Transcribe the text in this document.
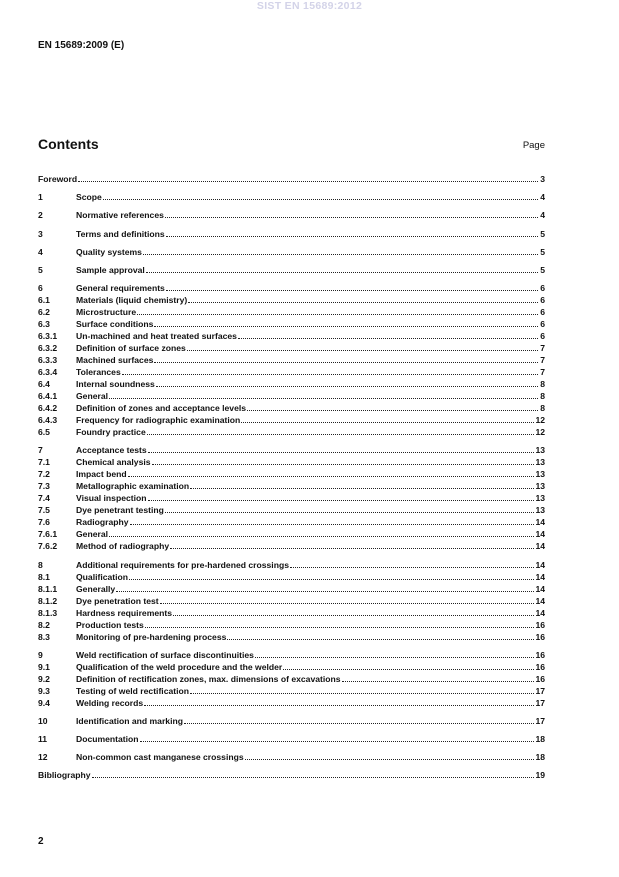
SIST EN 15689:2012
EN 15689:2009 (E)
Contents	Page
Foreword	3
1	Scope	4
2	Normative references	4
3	Terms and definitions	5
4	Quality systems	5
5	Sample approval	5
6	General requirements	6
6.1	Materials (liquid chemistry)	6
6.2	Microstructure	6
6.3	Surface conditions	6
6.3.1	Un-machined and heat treated surfaces	6
6.3.2	Definition of surface zones	7
6.3.3	Machined surfaces	7
6.3.4	Tolerances	7
6.4	Internal soundness	8
6.4.1	General	8
6.4.2	Definition of zones and acceptance levels	8
6.4.3	Frequency for radiographic examination	12
6.5	Foundry practice	12
7	Acceptance tests	13
7.1	Chemical analysis	13
7.2	Impact bend	13
7.3	Metallographic examination	13
7.4	Visual inspection	13
7.5	Dye penetrant testing	13
7.6	Radiography	14
7.6.1	General	14
7.6.2	Method of radiography	14
8	Additional requirements for pre-hardened crossings	14
8.1	Qualification	14
8.1.1	Generally	14
8.1.2	Dye penetration test	14
8.1.3	Hardness requirements	14
8.2	Production tests	16
8.3	Monitoring of pre-hardening process	16
9	Weld rectification of surface discontinuities	16
9.1	Qualification of the weld procedure and the welder	16
9.2	Definition of rectification zones, max. dimensions of excavations	16
9.3	Testing of weld rectification	17
9.4	Welding records	17
10	Identification and marking	17
11	Documentation	18
12	Non-common cast manganese crossings	18
Bibliography	19
2
